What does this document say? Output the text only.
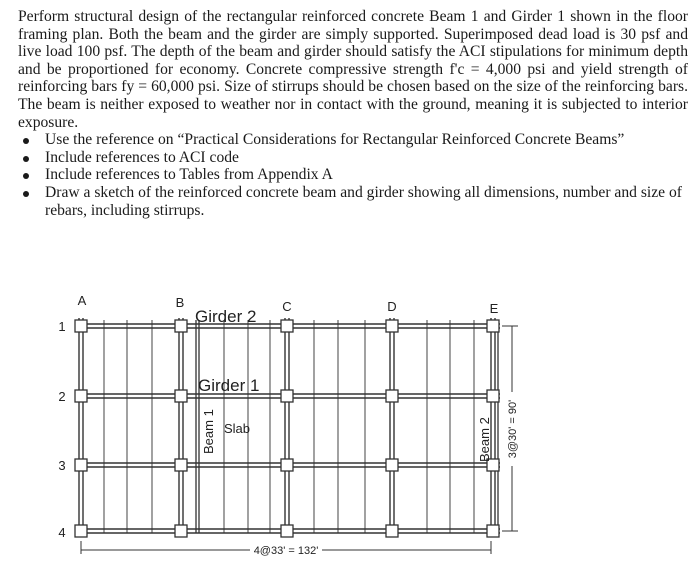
Perform structural design of the rectangular reinforced concrete Beam 1 and Girder 1 shown in the floor framing plan. Both the beam and the girder are simply supported. Superimposed dead load is 30 psf and live load 100 psf. The depth of the beam and girder should satisfy the ACI stipulations for minimum depth and be proportioned for economy. Concrete compressive strength f'c = 4,000 psi and yield strength of reinforcing bars fy = 60,000 psi. Size of stirrups should be chosen based on the size of the reinforcing bars. The beam is neither exposed to weather nor in contact with the ground, meaning it is subjected to interior exposure.

Use the reference on “Practical Considerations for Rectangular Reinforced Concrete Beams”
Include references to ACI code
Include references to Tables from Appendix A
Draw a sketch of the reinforced concrete beam and girder showing all dimensions, number and size of rebars, including stirrups.
A	B	C	D	E
1
2
3
4
Girder 2
Girder 1
Beam 1 Slab	Beam 2
4@33' = 132'
3@30' = 90'
